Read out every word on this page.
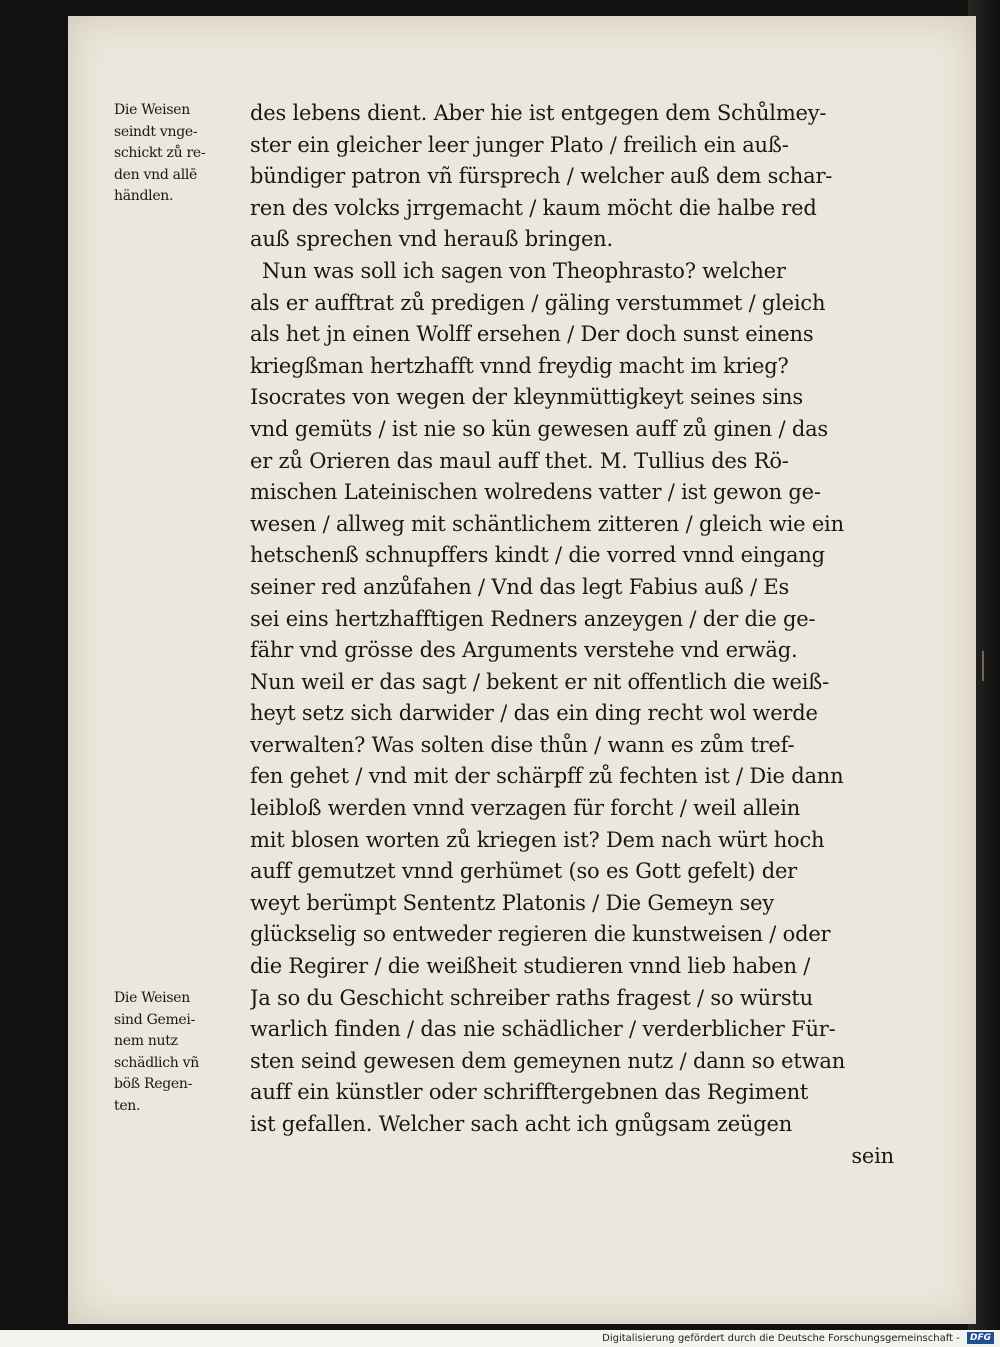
Die Weisen
seindt vnge-
schickt zů re-
den vnd allē
händlen.
Die Weisen
sind Gemei-
nem nutz
schädlich vñ
böß Regen-
ten.
des lebens dient. Aber hie ist entgegen dem Schůlmey-
ster ein gleicher leer junger Plato / freilich ein auß-
bündiger patron vñ fürsprech / welcher auß dem schar-
ren des volcks jrrgemacht / kaum möcht die halbe red
auß sprechen vnd herauß bringen.
Nun was soll ich sagen von Theophrasto? welcher
als er aufftrat zů predigen / gäling verstummet / gleich
als het jn einen Wolff ersehen / Der doch sunst einens
kriegßman hertzhafft vnnd freydig macht im krieg?
Isocrates von wegen der kleynmüttigkeyt seines sins
vnd gemüts / ist nie so kün gewesen auff zů ginen / das
er zů Orieren das maul auff thet. M. Tullius des Rö-
mischen Lateinischen wolredens vatter / ist gewon ge-
wesen / allweg mit schäntlichem zitteren / gleich wie ein
hetschenß schnupffers kindt / die vorred vnnd eingang
seiner red anzůfahen / Vnd das legt Fabius auß / Es
sei eins hertzhafftigen Redners anzeygen / der die ge-
fähr vnd grösse des Arguments verstehe vnd erwäg.
Nun weil er das sagt / bekent er nit offentlich die weiß-
heyt setz sich darwider / das ein ding recht wol werde
verwalten? Was solten dise thůn / wann es zům tref-
fen gehet / vnd mit der schärpff zů fechten ist / Die dann
leibloß werden vnnd verzagen für forcht / weil allein
mit blosen worten zů kriegen ist? Dem nach würt hoch
auff gemutzet vnnd gerhümet (so es Gott gefelt) der
weyt berümpt Sententz Platonis / Die Gemeyn sey
glückselig so entweder regieren die kunstweisen / oder
die Regirer / die weißheit studieren vnnd lieb haben /
Ja so du Geschicht schreiber raths fragest / so würstu
warlich finden / das nie schädlicher / verderblicher Für-
sten seind gewesen dem gemeynen nutz / dann so etwan
auff ein künstler oder schrifftergebnen das Regiment
ist gefallen. Welcher sach acht ich gnůgsam zeügen
sein
Digitalisierung gefördert durch die Deutsche Forschungsgemeinschaft - DFG
